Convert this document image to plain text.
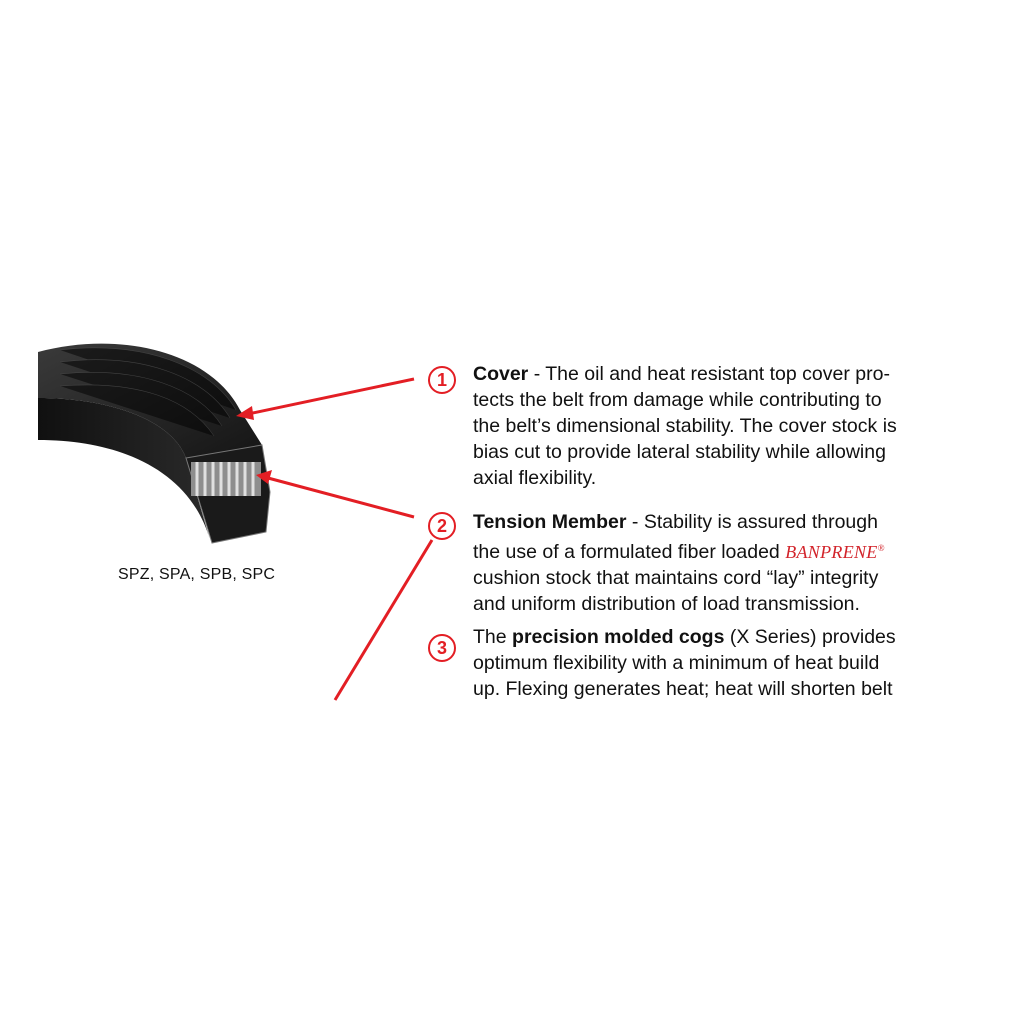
SPZ, SPA, SPB, SPC
1	Cover - The oil and heat resistant top cover pro-
tects the belt from damage while contributing to
the belt’s dimensional stability. The cover stock is
bias cut to provide lateral stability while allowing
axial flexibility.
2	Tension Member - Stability is assured through
the use of a formulated fiber loaded BANPRENE®
cushion stock that maintains cord “lay” integrity
and uniform distribution of load transmission.
3	The precision molded cogs (X Series) provides
optimum flexibility with a minimum of heat build
up. Flexing generates heat; heat will shorten belt
